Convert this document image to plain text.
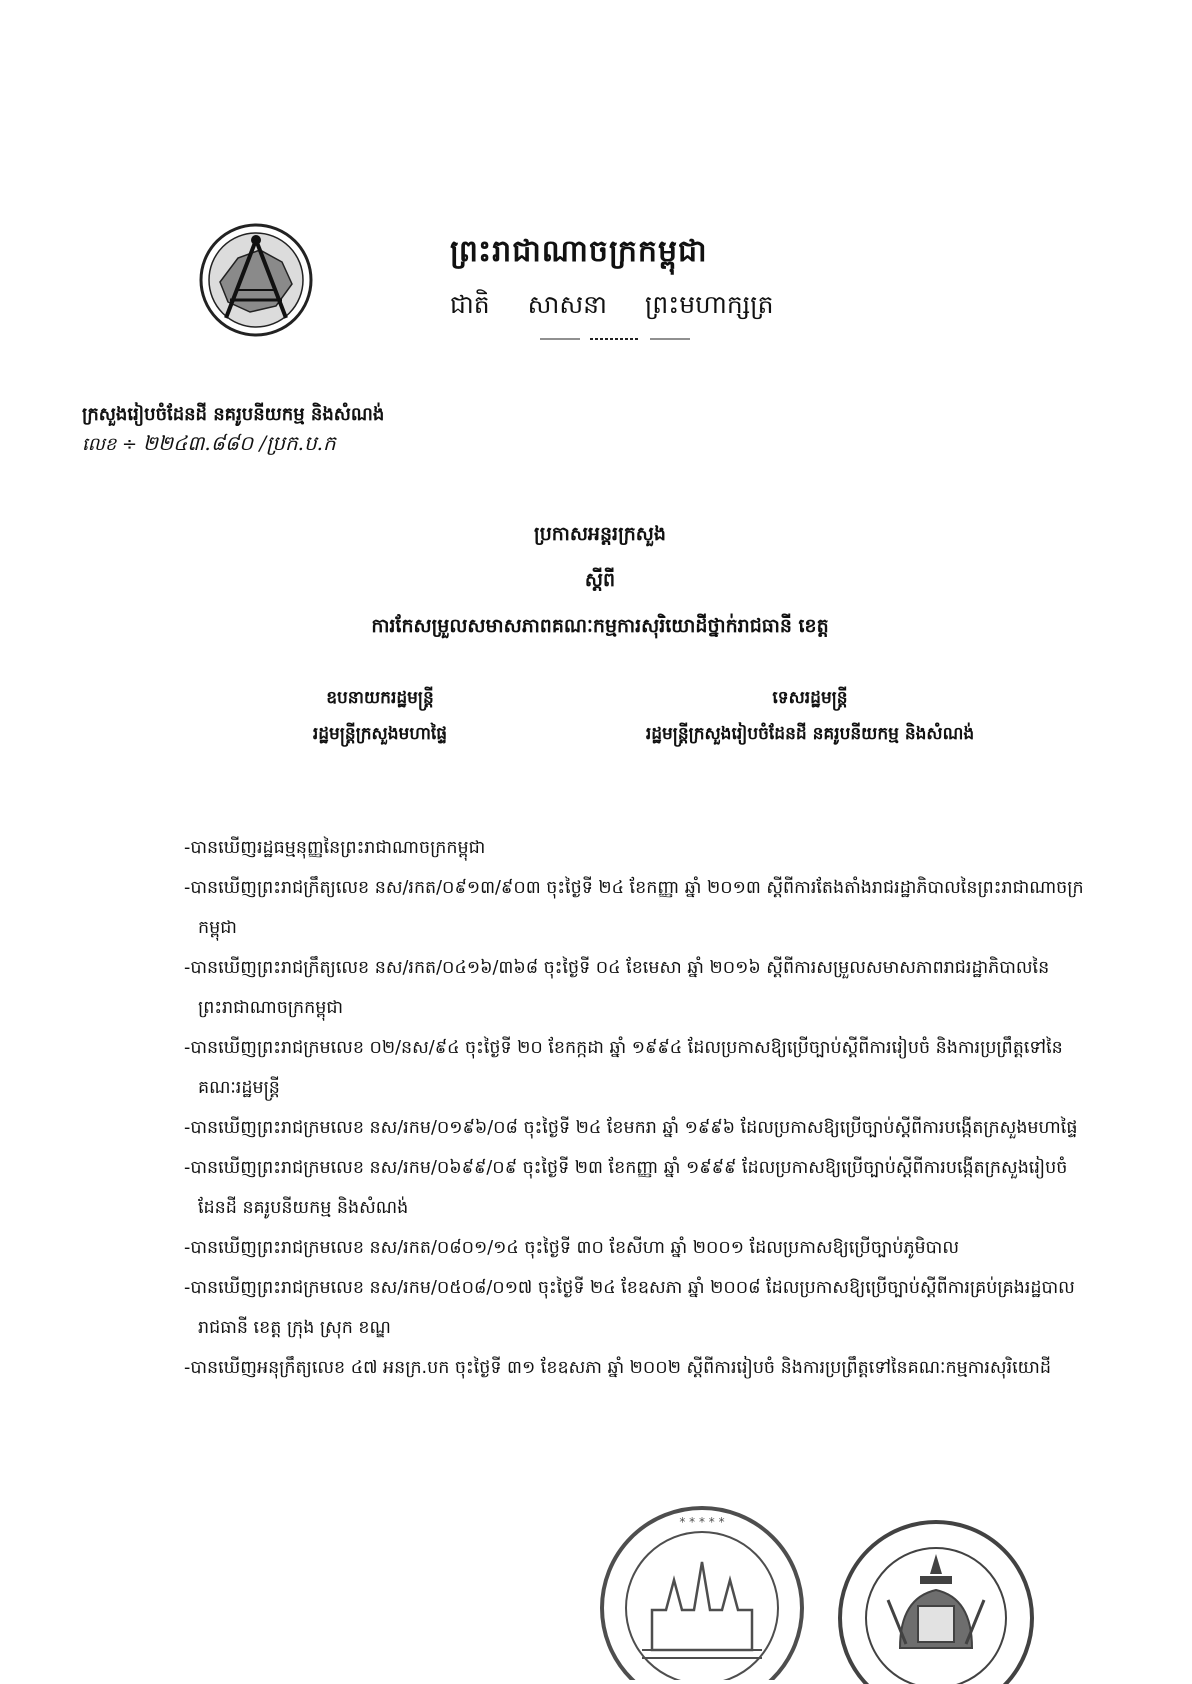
ព្រះរាជាណាចក្រកម្ពុជា
ជាតិ សាសនា ព្រះមហាក្សត្រ
ក្រសួងរៀបចំដែនដី នគរូបនីយកម្ម និងសំណង់
លេខ ÷ ២២៤៣.៨៨០ /ប្រក.ប.ក
ប្រកាសអន្តរក្រសួង
ស្ដីពី
ការកែសម្រួលសមាសភាពគណៈកម្មការសុរិយោដីថ្នាក់រាជធានី ខេត្ត
ឧបនាយករដ្ឋមន្ត្រី
រដ្ឋមន្ត្រីក្រសួងមហាផ្ទៃ
ទេសរដ្ឋមន្ត្រី
រដ្ឋមន្ត្រីក្រសួងរៀបចំដែនដី នគរូបនីយកម្ម និងសំណង់
-បានឃើញរដ្ឋធម្មនុញ្ញនៃព្រះរាជាណាចក្រកម្ពុជា
-បានឃើញព្រះរាជក្រឹត្យលេខ នស/រកត/០៩១៣/៩០៣ ចុះថ្ងៃទី ២៤ ខែកញ្ញា ឆ្នាំ ២០១៣ ស្ដីពីការតែងតាំងរាជរដ្ឋាភិបាលនៃព្រះរាជាណាចក្រកម្ពុជា
-បានឃើញព្រះរាជក្រឹត្យលេខ នស/រកត/០៤១៦/៣៦៨ ចុះថ្ងៃទី ០៤ ខែមេសា ឆ្នាំ ២០១៦ ស្ដីពីការសម្រួលសមាសភាពរាជរដ្ឋាភិបាលនៃព្រះរាជាណាចក្រកម្ពុជា
-បានឃើញព្រះរាជក្រមលេខ ០២/នស/៩៤ ចុះថ្ងៃទី ២០ ខែកក្កដា ឆ្នាំ ១៩៩៤ ដែលប្រកាសឱ្យប្រើច្បាប់ស្ដីពីការរៀបចំ និងការប្រព្រឹត្តទៅនៃគណៈរដ្ឋមន្ត្រី
-បានឃើញព្រះរាជក្រមលេខ នស/រកម/០១៩៦/០៨ ចុះថ្ងៃទី ២៤ ខែមករា ឆ្នាំ ១៩៩៦ ដែលប្រកាសឱ្យប្រើច្បាប់ស្ដីពីការបង្កើតក្រសួងមហាផ្ទៃ
-បានឃើញព្រះរាជក្រមលេខ នស/រកម/០៦៩៩/០៩ ចុះថ្ងៃទី ២៣ ខែកញ្ញា ឆ្នាំ ១៩៩៩ ដែលប្រកាសឱ្យប្រើច្បាប់ស្ដីពីការបង្កើតក្រសួងរៀបចំដែនដី នគរូបនីយកម្ម និងសំណង់
-បានឃើញព្រះរាជក្រមលេខ នស/រកត/០៨០១/១៤ ចុះថ្ងៃទី ៣០ ខែសីហា ឆ្នាំ ២០០១ ដែលប្រកាសឱ្យប្រើច្បាប់ភូមិបាល
-បានឃើញព្រះរាជក្រមលេខ នស/រកម/០៥០៨/០១៧ ចុះថ្ងៃទី ២៤ ខែឧសភា ឆ្នាំ ២០០៨ ដែលប្រកាសឱ្យប្រើច្បាប់ស្ដីពីការគ្រប់គ្រងរដ្ឋបាលរាជធានី ខេត្ត ក្រុង ស្រុក ខណ្ឌ
-បានឃើញអនុក្រឹត្យលេខ ៤៧ អនក្រ.បក ចុះថ្ងៃទី ៣១ ខែឧសភា ឆ្នាំ ២០០២ ស្ដីពីការរៀបចំ និងការប្រព្រឹត្តទៅនៃគណៈកម្មការសុរិយោដី
* * * * *
